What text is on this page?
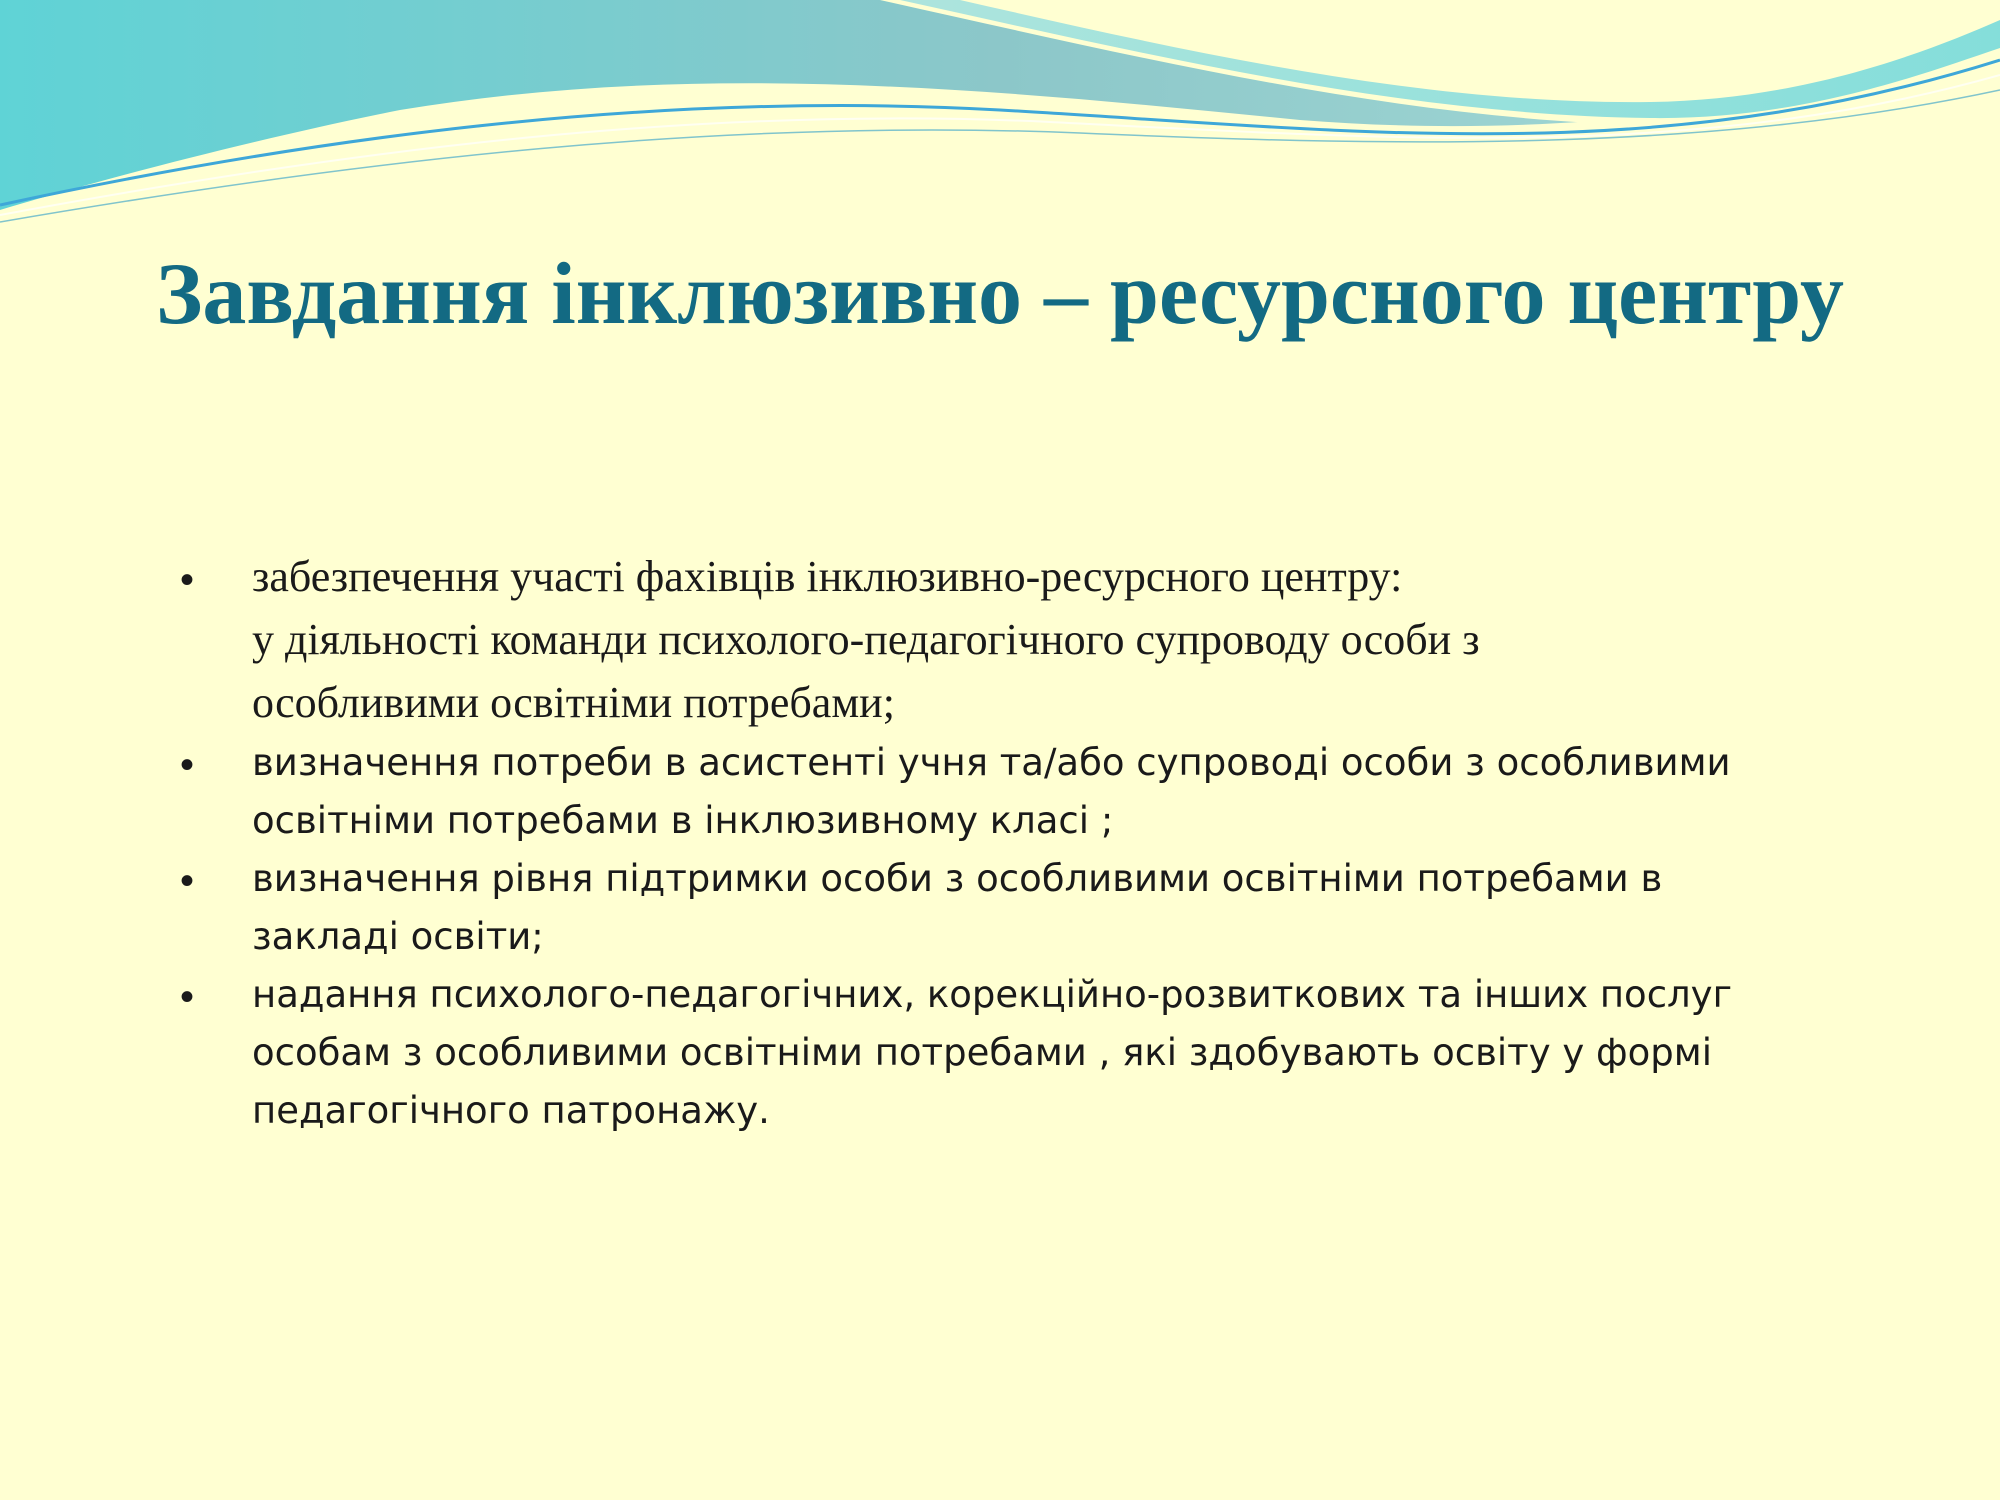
Завдання інклюзивно – ресурсного центру
• забезпечення участі фахівців інклюзивно-ресурсного центру:
у діяльності команди психолого-педагогічного супроводу особи з
особливими освітніми потребами;
• визначення потреби в асистенті учня та/або супроводі особи з особливими
освітніми потребами в інклюзивному класі ;
• визначення рівня підтримки особи з особливими освітніми потребами в
закладі освіти;
• надання психолого-педагогічних, корекційно-розвиткових та інших послуг
особам з особливими освітніми потребами , які здобувають освіту у формі
педагогічного патронажу.
